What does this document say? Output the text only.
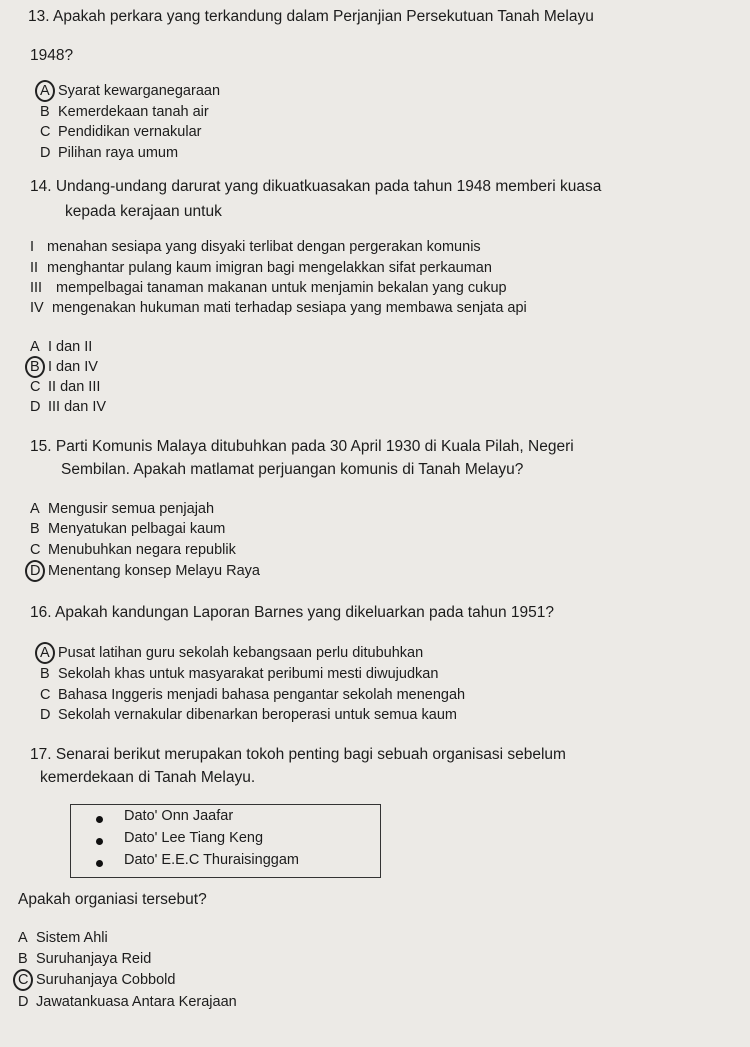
13. Apakah perkara yang terkandung dalam Perjanjian Persekutuan Tanah Melayu
1948?
A Syarat kewarganegaraan
B Kemerdekaan tanah air
C Pendidikan vernakular
D Pilihan raya umum
14. Undang-undang darurat yang dikuatkuasakan pada tahun 1948 memberi kuasa
kepada kerajaan untuk
I menahan sesiapa yang disyaki terlibat dengan pergerakan komunis
II menghantar pulang kaum imigran bagi mengelakkan sifat perkauman
III mempelbagai tanaman makanan untuk menjamin bekalan yang cukup
IV mengenakan hukuman mati terhadap sesiapa yang membawa senjata api
A I dan II
B I dan IV
C II dan III
D III dan IV
15. Parti Komunis Malaya ditubuhkan pada 30 April 1930 di Kuala Pilah, Negeri
Sembilan. Apakah matlamat perjuangan komunis di Tanah Melayu?
A Mengusir semua penjajah
B Menyatukan pelbagai kaum
C Menubuhkan negara republik
D Menentang konsep Melayu Raya
16. Apakah kandungan Laporan Barnes yang dikeluarkan pada tahun 1951?
A Pusat latihan guru sekolah kebangsaan perlu ditubuhkan
B Sekolah khas untuk masyarakat peribumi mesti diwujudkan
C Bahasa Inggeris menjadi bahasa pengantar sekolah menengah
D Sekolah vernakular dibenarkan beroperasi untuk semua kaum
17. Senarai berikut merupakan tokoh penting bagi sebuah organisasi sebelum
kemerdekaan di Tanah Melayu.
Dato' Onn Jaafar
Dato' Lee Tiang Keng
Dato' E.E.C Thuraisinggam
Apakah organiasi tersebut?
A Sistem Ahli
B Suruhanjaya Reid
C Suruhanjaya Cobbold
D Jawatankuasa Antara Kerajaan
